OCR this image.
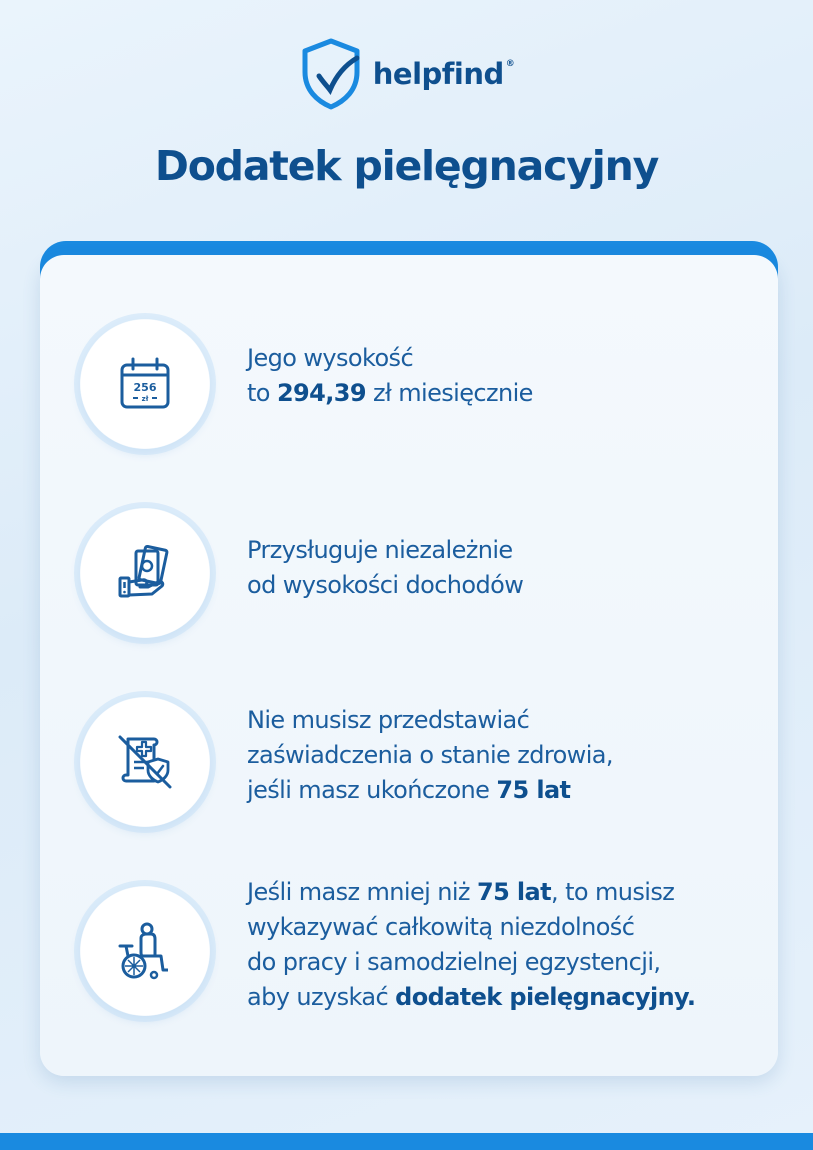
helpfind ®
Dodatek pielęgnacyjny
256
zł
Jego wysokość
to 294,39 zł miesięcznie
Przysługuje niezależnie
od wysokości dochodów
Nie musisz przedstawiać
zaświadczenia o stanie zdrowia,
jeśli masz ukończone 75 lat
Jeśli masz mniej niż 75 lat, to musisz
wykazywać całkowitą niezdolność
do pracy i samodzielnej egzystencji,
aby uzyskać dodatek pielęgnacyjny.
